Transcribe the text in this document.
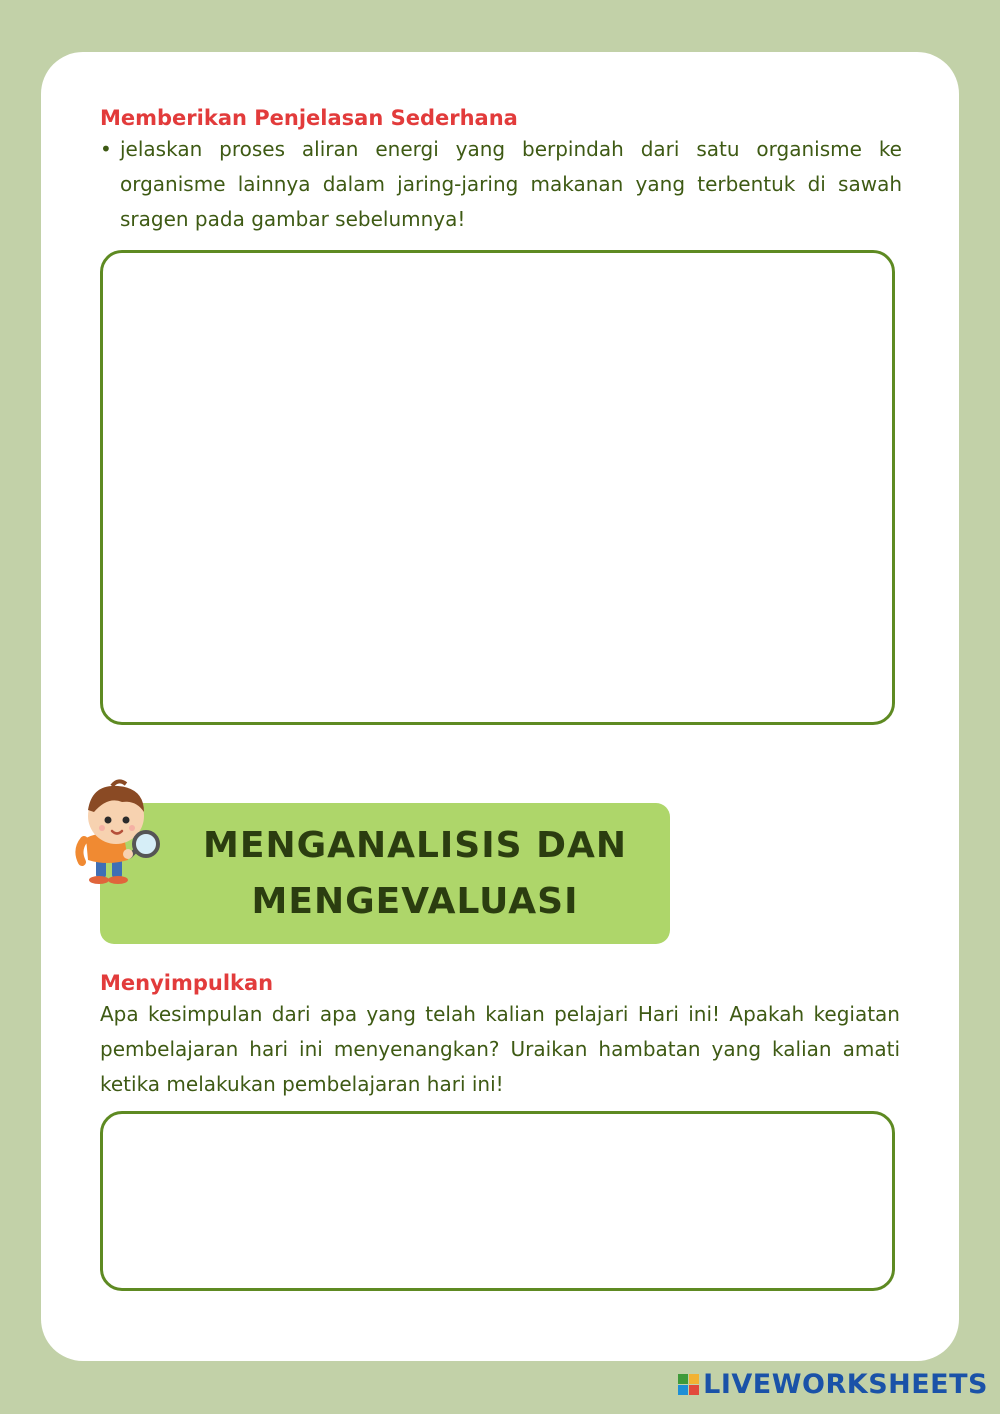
Memberikan Penjelasan Sederhana
• jelaskan proses aliran energi yang berpindah dari satu organisme ke organisme lainnya dalam jaring-jaring makanan yang terbentuk di sawah sragen pada gambar sebelumnya!
MENGANALISIS DAN
MENGEVALUASI
Menyimpulkan

Apa kesimpulan dari apa yang telah kalian pelajari Hari ini! Apakah kegiatan pembelajaran hari ini menyenangkan? Uraikan hambatan yang kalian amati ketika melakukan pembelajaran hari ini!

LIVEWORKSHEETS
